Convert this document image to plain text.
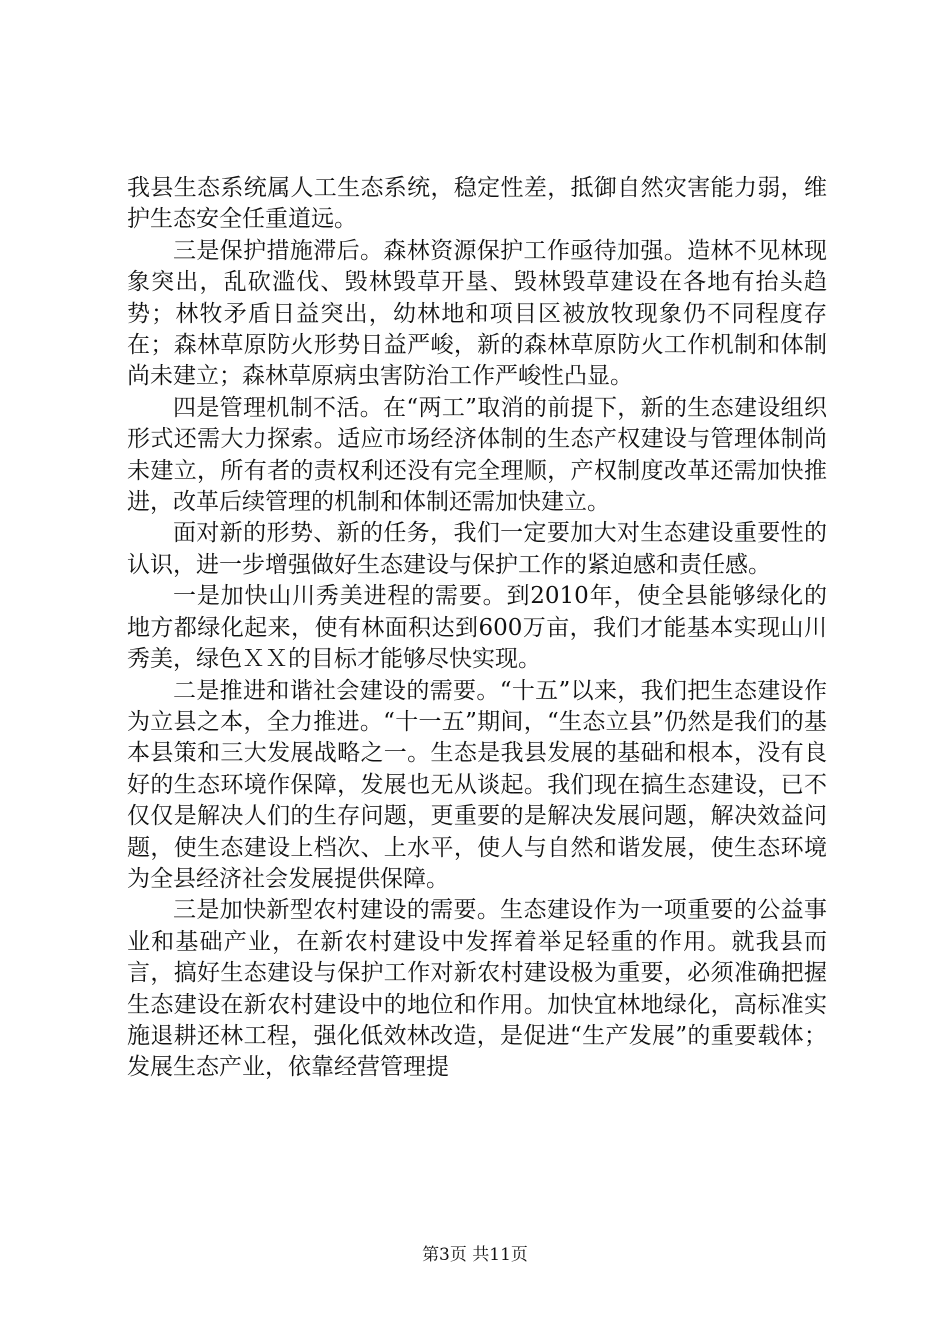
我县生态系统属人工生态系统，稳定性差，抵御自然灾害能力弱，维护生态安全任重道远。

三是保护措施滞后。森林资源保护工作亟待加强。造林不见林现象突出，乱砍滥伐、毁林毁草开垦、毁林毁草建设在各地有抬头趋势；林牧矛盾日益突出，幼林地和项目区被放牧现象仍不同程度存在；森林草原防火形势日益严峻，新的森林草原防火工作机制和体制尚未建立；森林草原病虫害防治工作严峻性凸显。

四是管理机制不活。在“两工”取消的前提下，新的生态建设组织形式还需大力探索。适应市场经济体制的生态产权建设与管理体制尚未建立，所有者的责权利还没有完全理顺，产权制度改革还需加快推进，改革后续管理的机制和体制还需加快建立。

面对新的形势、新的任务，我们一定要加大对生态建设重要性的认识，进一步增强做好生态建设与保护工作的紧迫感和责任感。

一是加快山川秀美进程的需要。到2010年，使全县能够绿化的地方都绿化起来，使有林面积达到600万亩，我们才能基本实现山川秀美，绿色ＸＸ的目标才能够尽快实现。

二是推进和谐社会建设的需要。“十五”以来，我们把生态建设作为立县之本，全力推进。“十一五”期间，“生态立县”仍然是我们的基本县策和三大发展战略之一。生态是我县发展的基础和根本，没有良好的生态环境作保障，发展也无从谈起。我们现在搞生态建设，已不仅仅是解决人们的生存问题，更重要的是解决发展问题，解决效益问题，使生态建设上档次、上水平，使人与自然和谐发展，使生态环境为全县经济社会发展提供保障。

三是加快新型农村建设的需要。生态建设作为一项重要的公益事业和基础产业，在新农村建设中发挥着举足轻重的作用。就我县而言，搞好生态建设与保护工作对新农村建设极为重要，必须准确把握生态建设在新农村建设中的地位和作用。加快宜林地绿化，高标准实施退耕还林工程，强化低效林改造，是促进“生产发展”的重要载体；发展生态产业，依靠经营管理提

第3页 共11页
